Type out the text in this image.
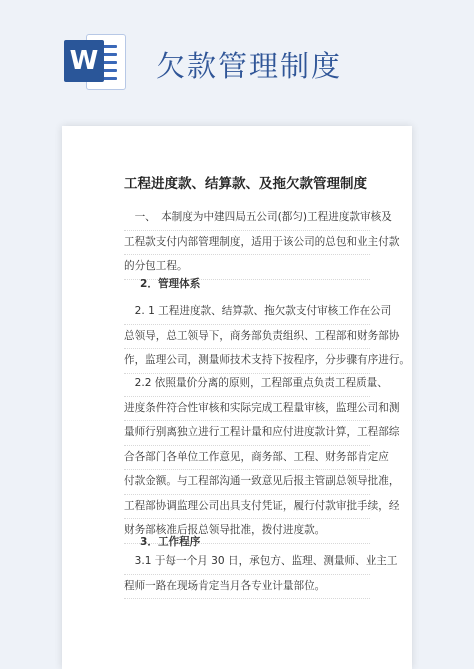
W 欠款管理制度
工程进度款、结算款、及拖欠款管理制度

　一、　本制度为中建四局五公司(都匀)工程进度款审核及

工程款支付内部管理制度，适用于该公司的总包和业主付款

的分包工程。

2．管理体系

　2. 1 工程进度款、结算款、拖欠款支付审核工作在公司

总领导，总工领导下，商务部负责组织、工程部和财务部协

作，监理公司，测量师技术支持下按程序，分步骤有序进行。

　2.2 依照量价分离的原则，工程部重点负责工程质量、

进度条件符合性审核和实际完成工程量审核，监理公司和测

量师行别离独立进行工程计量和应付进度款计算，工程部综

合各部门各单位工作意见，商务部、工程、财务部肯定应

付款金额。与工程部沟通一致意见后报主管副总领导批准，

工程部协调监理公司出具支付凭证，履行付款审批手续，经

财务部核准后报总领导批准，拨付进度款。

3．工作程序

　3.1 于每一个月 30 日，承包方、监理、测量师、业主工

程师一路在现场肯定当月各专业计量部位。
